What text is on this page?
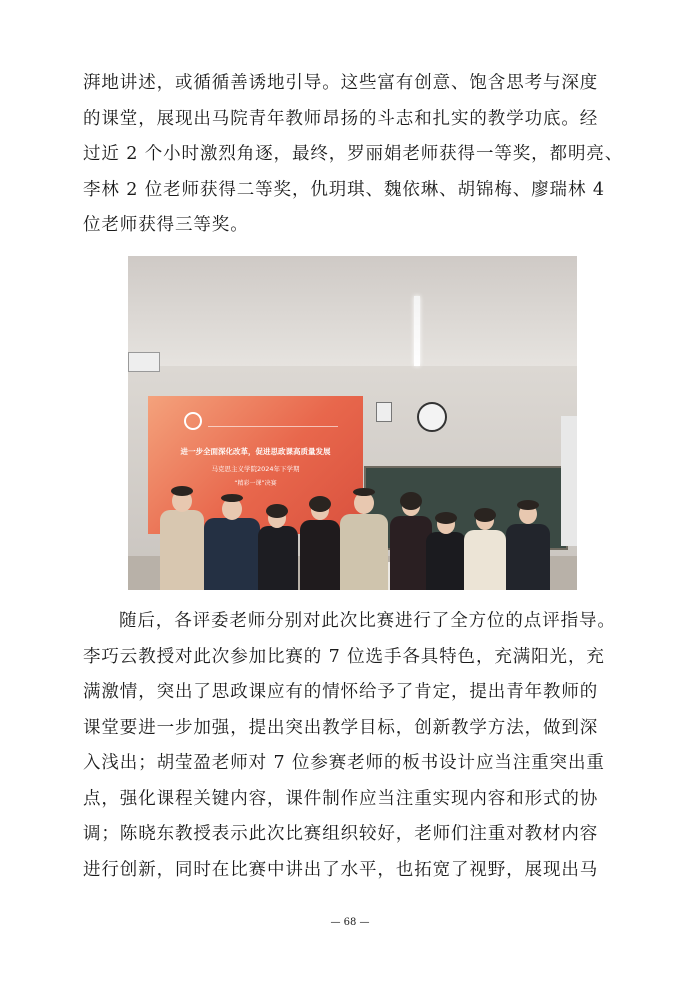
湃地讲述，或循循善诱地引导。这些富有创意、饱含思考与深度
的课堂，展现出马院青年教师昂扬的斗志和扎实的教学功底。经
过近 2 个小时激烈角逐，最终，罗丽娟老师获得一等奖，都明亮、
李林 2 位老师获得二等奖，仇玥琪、魏依琳、胡锦梅、廖瑞林 4
位老师获得三等奖。

进一步全面深化改革，促进思政课高质量发展
马克思主义学院2024年下学期
“精彩一课”决赛

随后，各评委老师分别对此次比赛进行了全方位的点评指导。
李巧云教授对此次参加比赛的 7 位选手各具特色，充满阳光，充
满激情，突出了思政课应有的情怀给予了肯定，提出青年教师的
课堂要进一步加强，提出突出教学目标，创新教学方法，做到深
入浅出；胡莹盈老师对 7 位参赛老师的板书设计应当注重突出重
点，强化课程关键内容，课件制作应当注重实现内容和形式的协
调；陈晓东教授表示此次比赛组织较好，老师们注重对教材内容
进行创新，同时在比赛中讲出了水平，也拓宽了视野，展现出马

— 68 —
